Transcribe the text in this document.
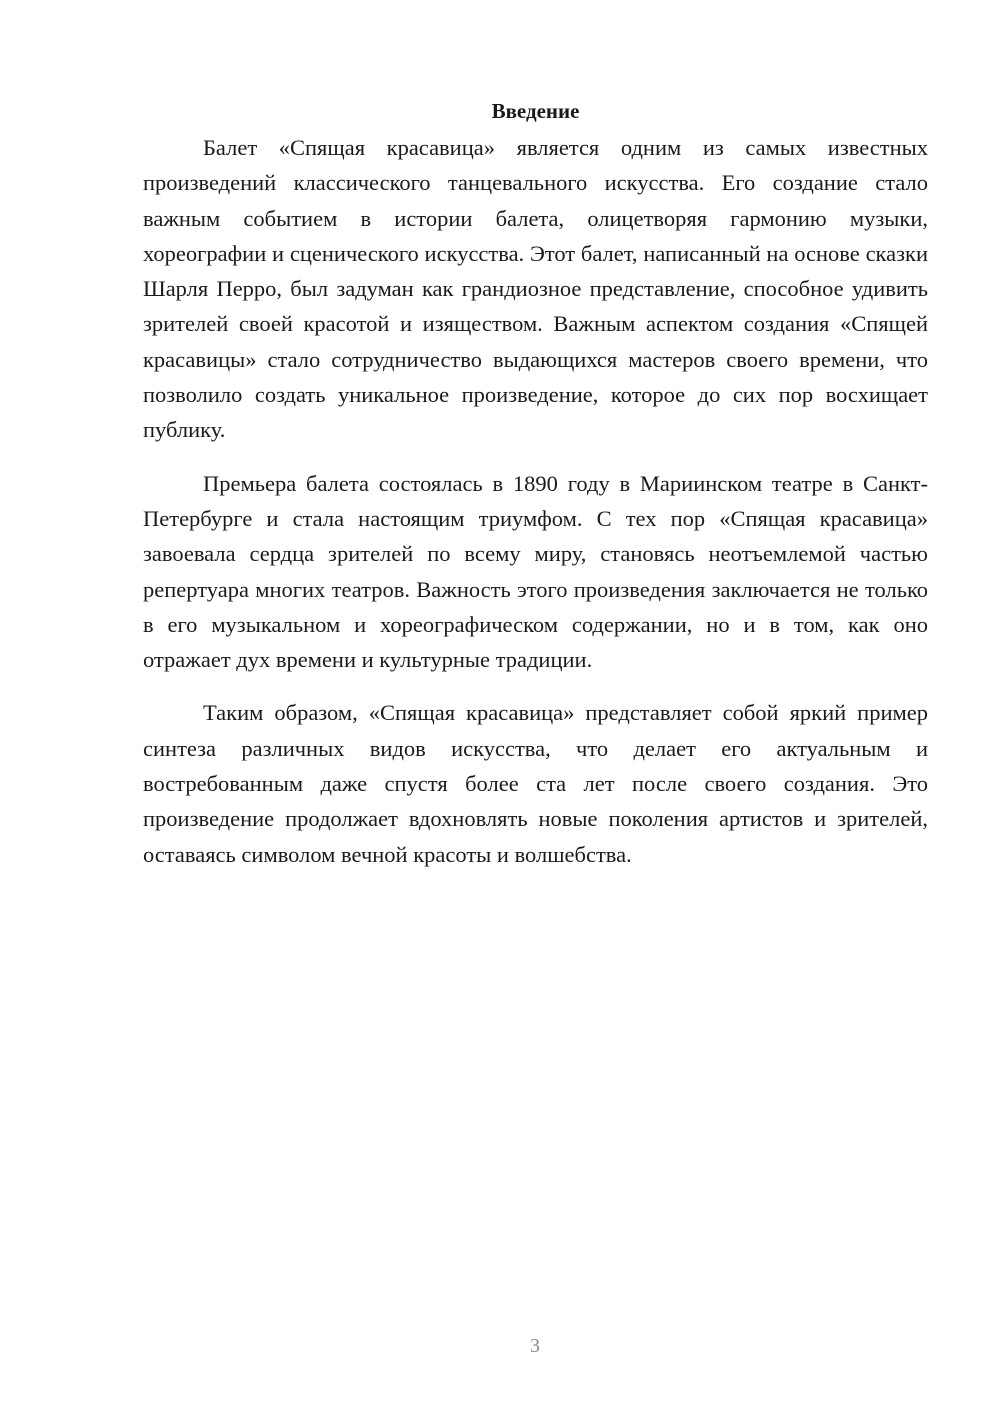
Введение

Балет «Спящая красавица» является одним из самых известных произведений классического танцевального искусства. Его создание стало важным событием в истории балета, олицетворяя гармонию музыки, хореографии и сценического искусства. Этот балет, написанный на основе сказки Шарля Перро, был задуман как грандиозное представление, способное удивить зрителей своей красотой и изяществом. Важным аспектом создания «Спящей красавицы» стало сотрудничество выдающихся мастеров своего времени, что позволило создать уникальное произведение, которое до сих пор восхищает публику.

Премьера балета состоялась в 1890 году в Мариинском театре в Санкт-Петербурге и стала настоящим триумфом. С тех пор «Спящая красавица» завоевала сердца зрителей по всему миру, становясь неотъемлемой частью репертуара многих театров. Важность этого произведения заключается не только в его музыкальном и хореографическом содержании, но и в том, как оно отражает дух времени и культурные традиции.

Таким образом, «Спящая красавица» представляет собой яркий пример синтеза различных видов искусства, что делает его актуальным и востребованным даже спустя более ста лет после своего создания. Это произведение продолжает вдохновлять новые поколения артистов и зрителей, оставаясь символом вечной красоты и волшебства.

3
